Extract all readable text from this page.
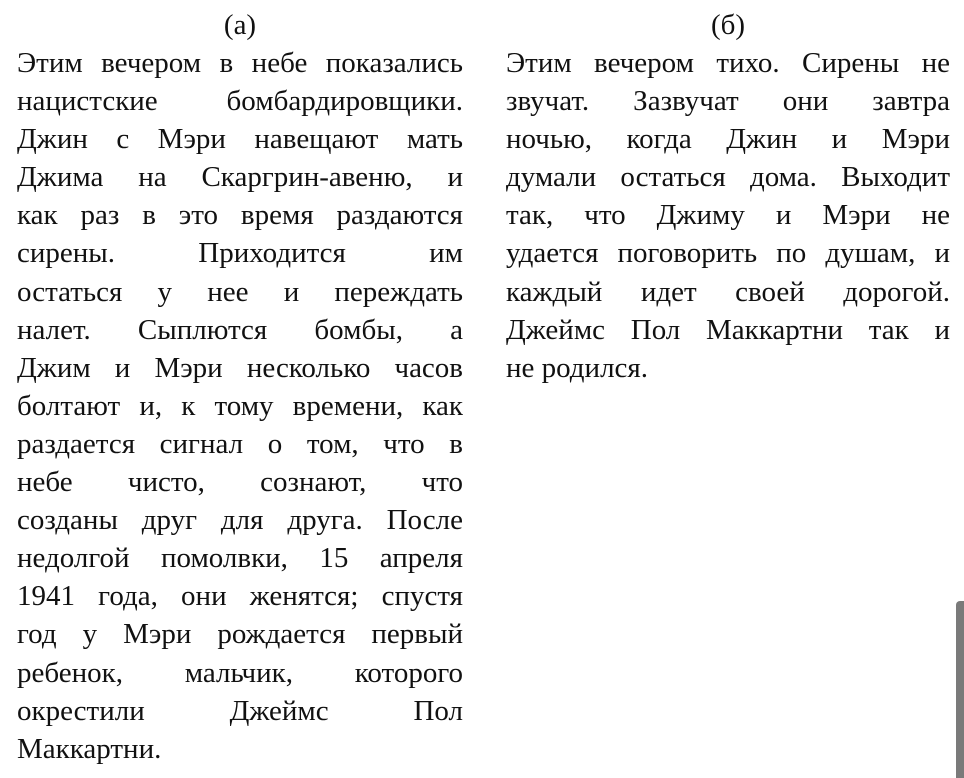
(а)
Этим вечером в небе показались
нацистские бомбардировщики.
Джин с Мэри навещают мать
Джима на Скаргрин-авеню, и
как раз в это время раздаются
сирены. Приходится им
остаться у нее и переждать
налет. Сыплются бомбы, а
Джим и Мэри несколько часов
болтают и, к тому времени, как
раздается сигнал о том, что в
небе чисто, сознают, что
созданы друг для друга. После
недолгой помолвки, 15 апреля
1941 года, они женятся; спустя
год у Мэри рождается первый
ребенок, мальчик, которого
окрестили Джеймс Пол
Маккартни.
(б)
Этим вечером тихо. Сирены не
звучат. Зазвучат они завтра
ночью, когда Джин и Мэри
думали остаться дома. Выходит
так, что Джиму и Мэри не
удается поговорить по душам, и
каждый идет своей дорогой.
Джеймс Пол Маккартни так и
не родился.
